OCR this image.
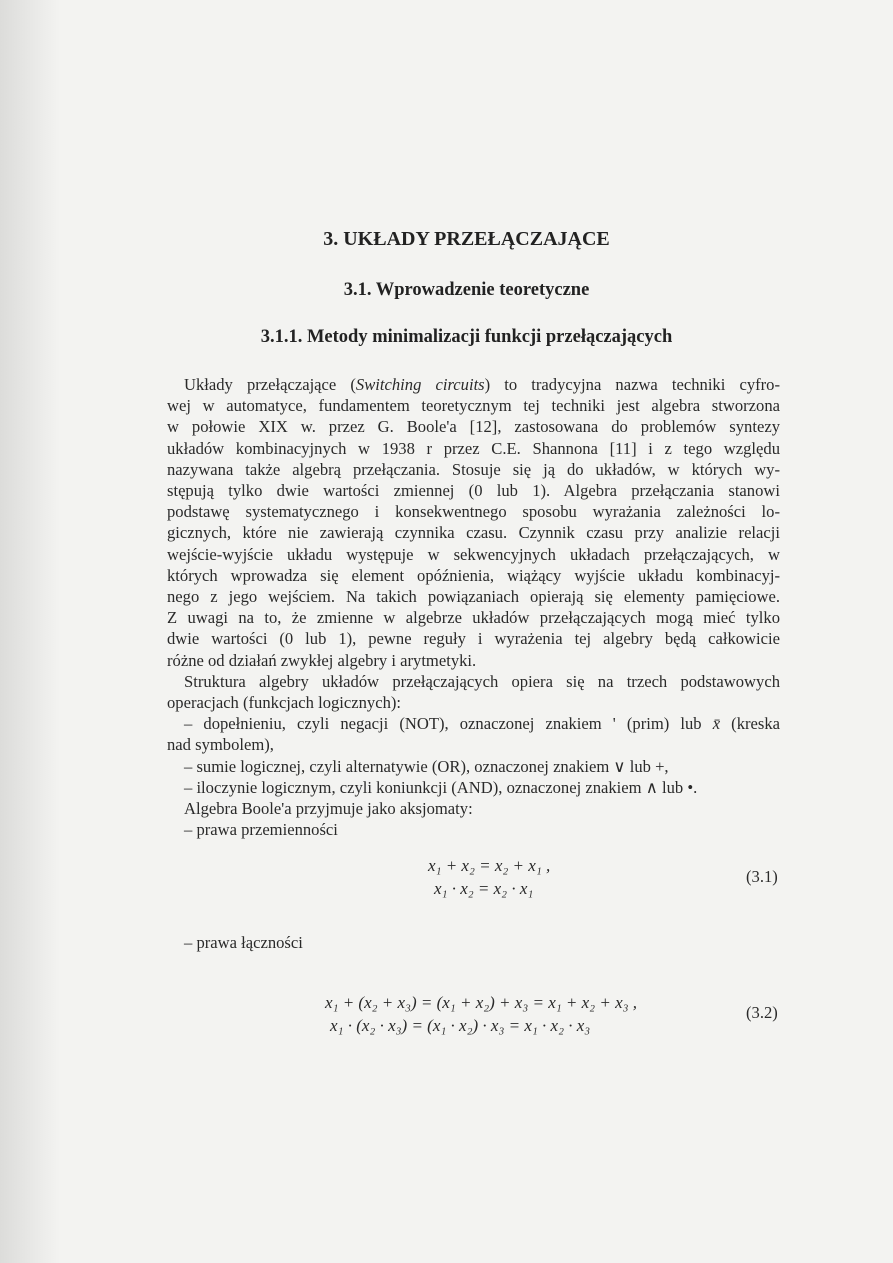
3. UKŁADY PRZEŁĄCZAJĄCE
3.1. Wprowadzenie teoretyczne
3.1.1. Metody minimalizacji funkcji przełączających
Układy przełączające (Switching circuits) to tradycyjna nazwa techniki cyfro-
wej w automatyce, fundamentem teoretycznym tej techniki jest algebra stworzona
w połowie XIX w. przez G. Boole'a [12], zastosowana do problemów syntezy
układów kombinacyjnych w 1938 r przez C.E. Shannona [11] i z tego względu
nazywana także algebrą przełączania. Stosuje się ją do układów, w których wy-
stępują tylko dwie wartości zmiennej (0 lub 1). Algebra przełączania stanowi
podstawę systematycznego i konsekwentnego sposobu wyrażania zależności lo-
gicznych, które nie zawierają czynnika czasu. Czynnik czasu przy analizie relacji
wejście-wyjście układu występuje w sekwencyjnych układach przełączających, w
których wprowadza się element opóźnienia, wiążący wyjście układu kombinacyj-
nego z jego wejściem. Na takich powiązaniach opierają się elementy pamięciowe.
Z uwagi na to, że zmienne w algebrze układów przełączających mogą mieć tylko
dwie wartości (0 lub 1), pewne reguły i wyrażenia tej algebry będą całkowicie
różne od działań zwykłej algebry i arytmetyki.
Struktura algebry układów przełączających opiera się na trzech podstawowych
operacjach (funkcjach logicznych):
– dopełnieniu, czyli negacji (NOT), oznaczonej znakiem ' (prim) lub x̄ (kreska
nad symbolem),
– sumie logicznej, czyli alternatywie (OR), oznaczonej znakiem ∨ lub +,
– iloczynie logicznym, czyli koniunkcji (AND), oznaczonej znakiem ∧ lub •.
Algebra Boole'a przyjmuje jako aksjomaty:
– prawa przemienności
x₁ + x₂ = x₂ + x₁ ,
x₁ · x₂ = x₂ · x₁
(3.1)
– prawa łączności
x₁ + (x₂ + x₃) = (x₁ + x₂) + x₃ = x₁ + x₂ + x₃ ,
x₁ · (x₂ · x₃) = (x₁ · x₂) · x₃ = x₁ · x₂ · x₃
(3.2)
